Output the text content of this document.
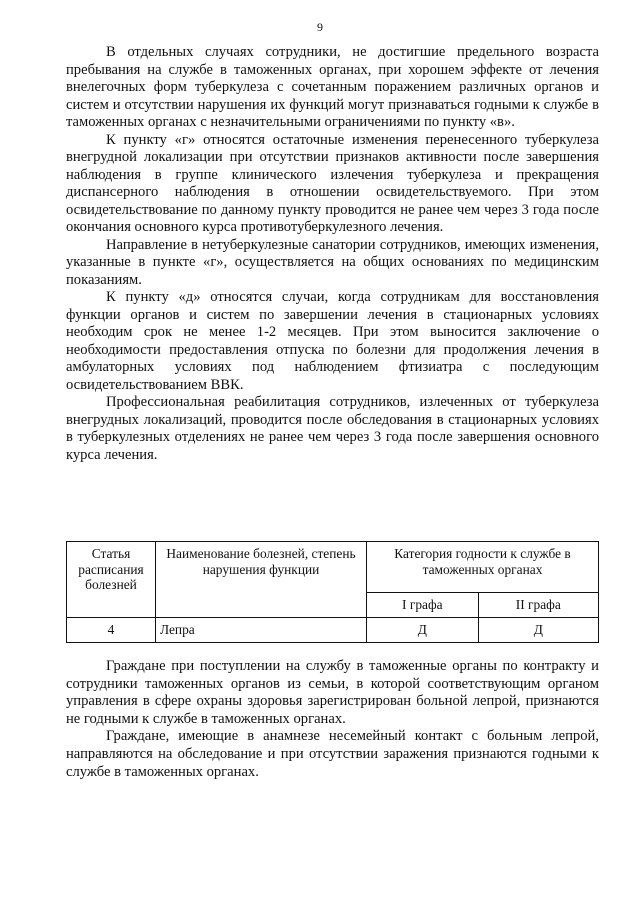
9

В отдельных случаях сотрудники, не достигшие предельного возраста пребывания на службе в таможенных органах, при хорошем эффекте от лечения внелегочных форм туберкулеза с сочетанным поражением различных органов и систем и отсутствии нарушения их функций могут признаваться годными к службе в таможенных органах с незначительными ограничениями по пункту «в».

К пункту «г» относятся остаточные изменения перенесенного туберкулеза внегрудной локализации при отсутствии признаков активности после завершения наблюдения в группе клинического излечения туберкулеза и прекращения диспансерного наблюдения в отношении освидетельствуемого. При этом освидетельствование по данному пункту проводится не ранее чем через 3 года после окончания основного курса противотуберкулезного лечения.

Направление в нетуберкулезные санатории сотрудников, имеющих изменения, указанные в пункте «г», осуществляется на общих основаниях по медицинским показаниям.

К пункту «д» относятся случаи, когда сотрудникам для восстановления функции органов и систем по завершении лечения в стационарных условиях необходим срок не менее 1-2 месяцев. При этом выносится заключение о необходимости предоставления отпуска по болезни для продолжения лечения в амбулаторных условиях под наблюдением фтизиатра с последующим освидетельствованием ВВК.

Профессиональная реабилитация сотрудников, излеченных от туберкулеза внегрудных локализаций, проводится после обследования в стационарных условиях в туберкулезных отделениях не ранее чем через 3 года после завершения основного курса лечения.

Статья расписания болезней	Наименование болезней, степень нарушения функции	Категория годности к службе в таможенных органах	
		I графа	II графа
4	Лепра	Д	Д

Граждане при поступлении на службу в таможенные органы по контракту и сотрудники таможенных органов из семьи, в которой соответствующим органом управления в сфере охраны здоровья зарегистрирован больной лепрой, признаются не годными к службе в таможенных органах.

Граждане, имеющие в анамнезе несемейный контакт с больным лепрой, направляются на обследование и при отсутствии заражения признаются годными к службе в таможенных органах.
